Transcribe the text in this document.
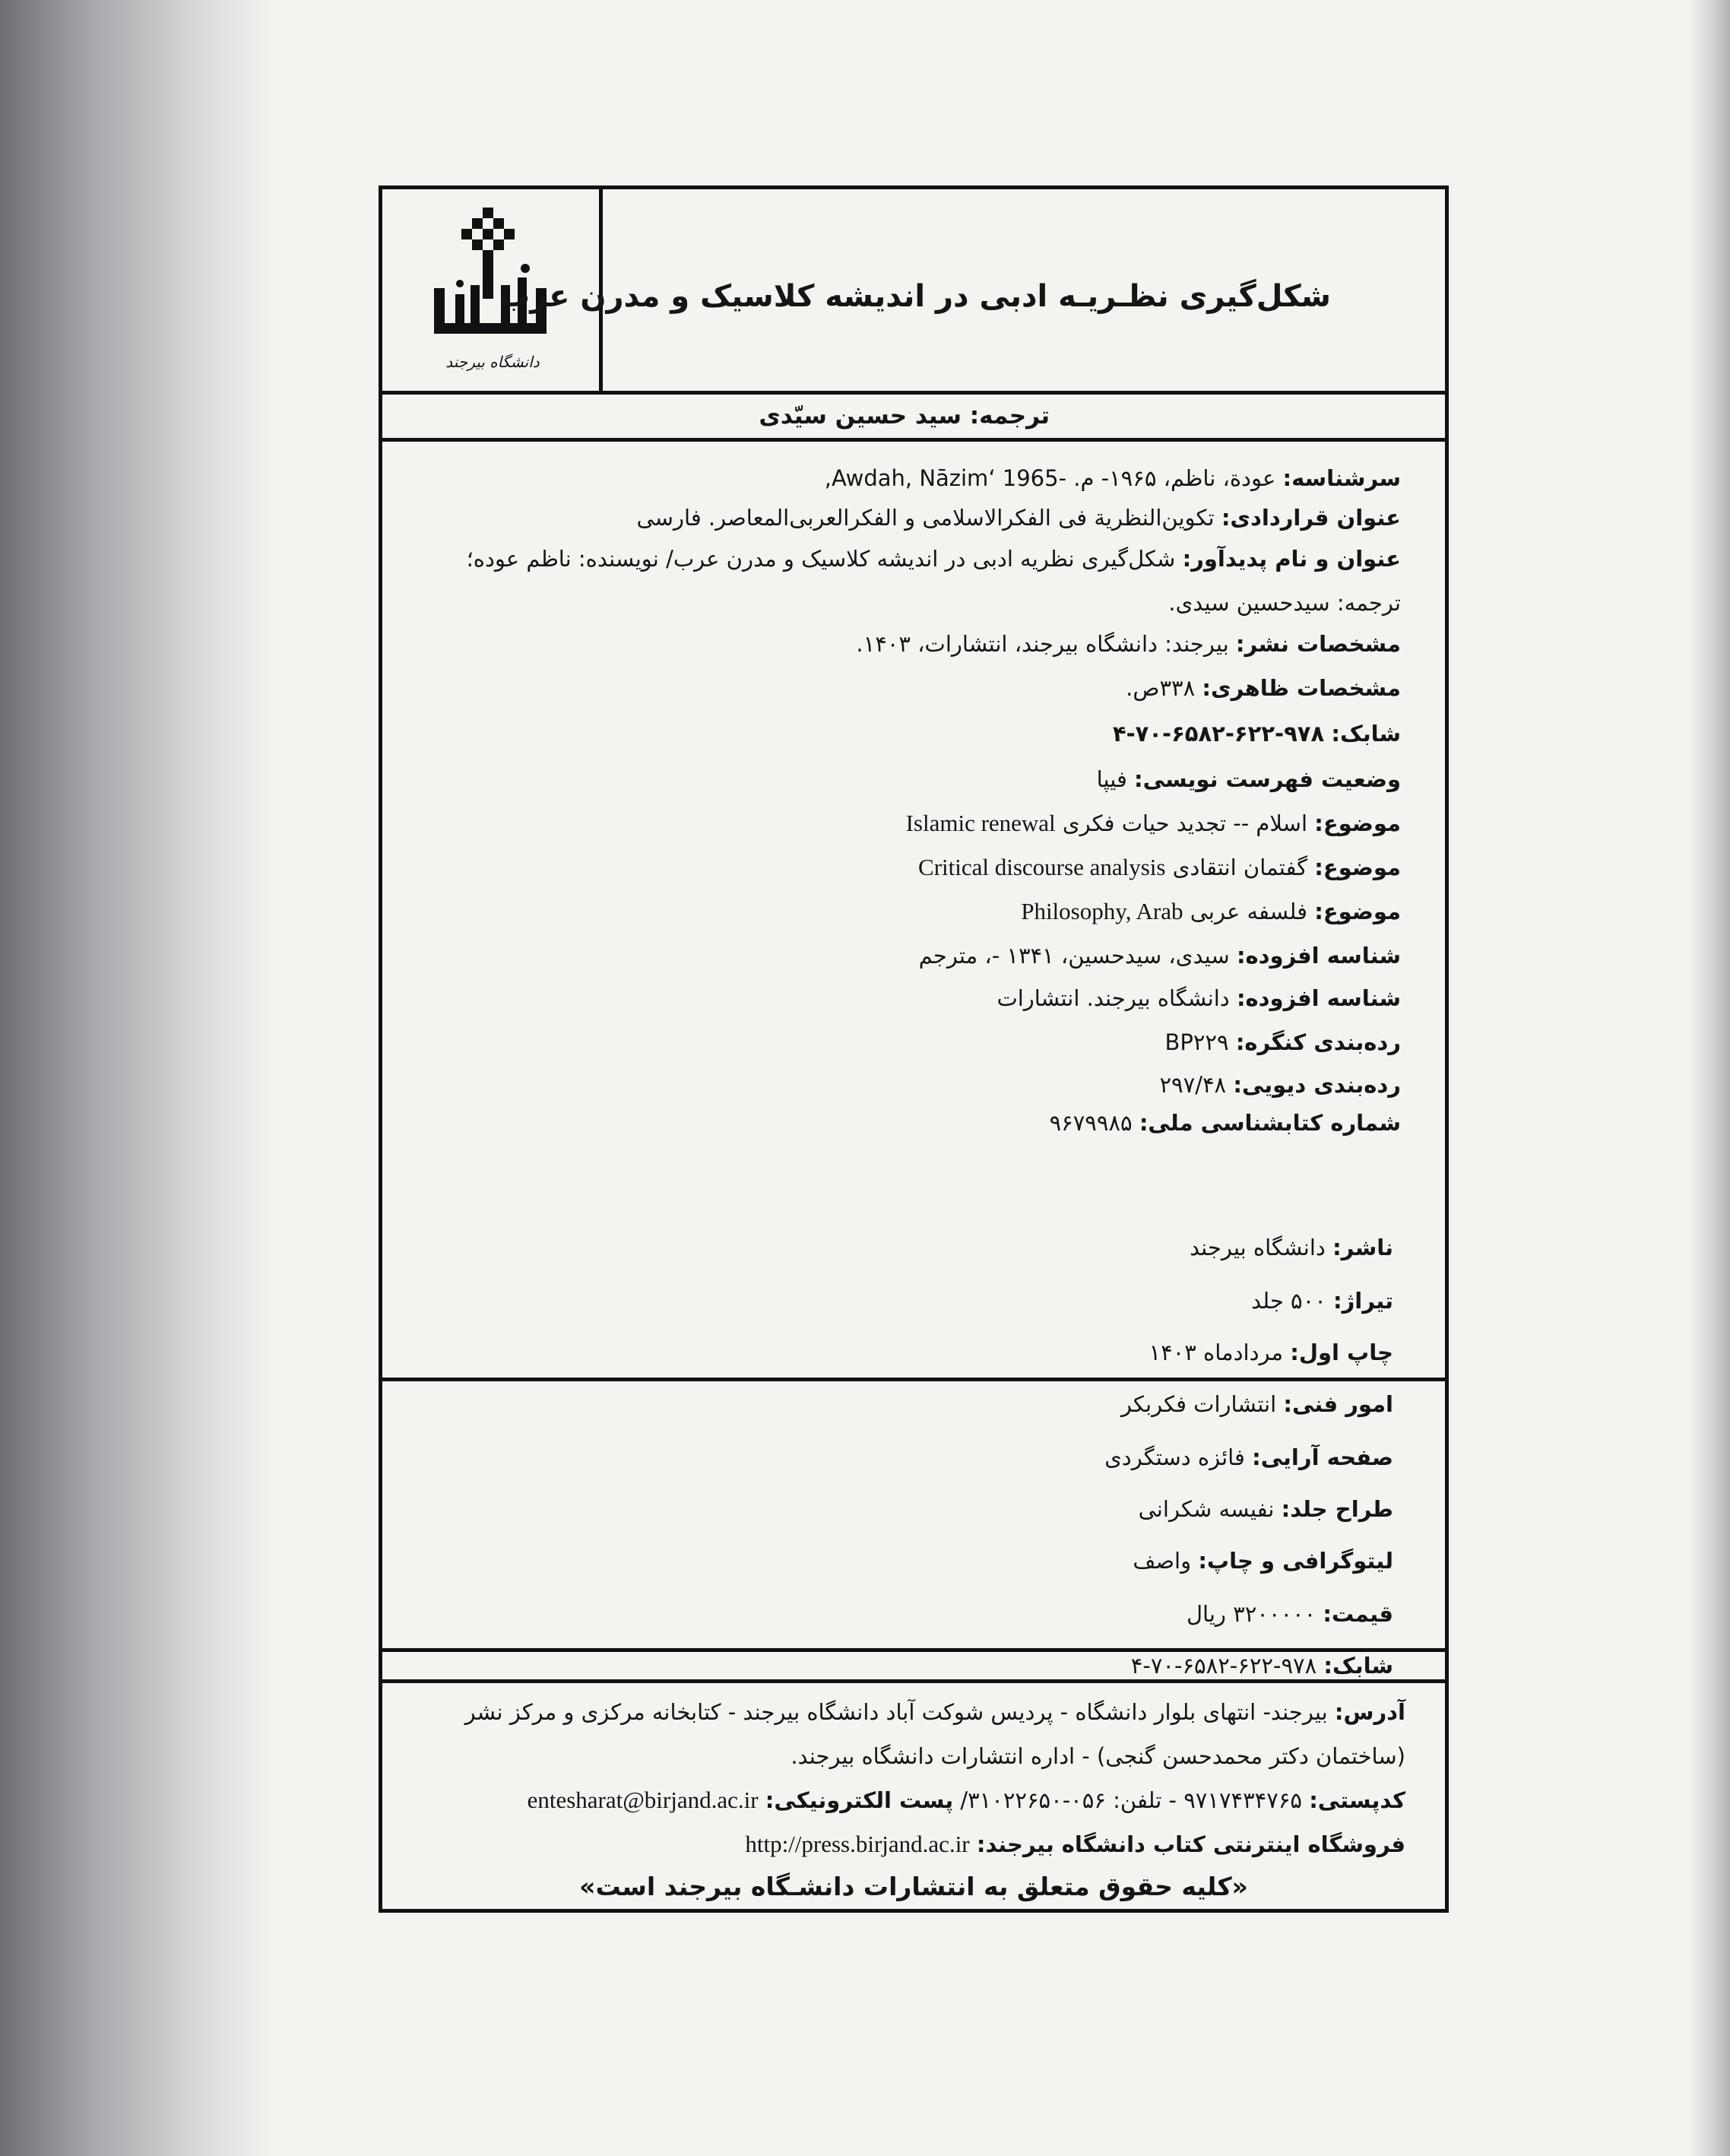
دانشگاه بیرجند
شکل‌گیری نظـریـه ادبی در اندیشه کلاسیک و مدرن عرب
ترجمه: سید حسین سیّدی
سرشناسه: عودة، ناظم، ۱۹۶۵- م. -1965 ‘Awdah, Nāzim,
عنوان قراردادی: تکوین‌النظریة فی الفکرالاسلامی و الفکرالعربی‌المعاصر. فارسی
عنوان و نام پدیدآور: شکل‌گیری نظریه ادبی در اندیشه کلاسیک و مدرن عرب/ نویسنده: ناظم عوده؛
ترجمه: سیدحسین سیدی.
مشخصات نشر: بیرجند: دانشگاه بیرجند، انتشارات، ۱۴۰۳.
مشخصات ظاهری: ۳۳۸ص.
شابک: ۹۷۸-۶۲۲-۶۵۸۲-۷۰-۴
وضعیت فهرست نویسی: فیپا
موضوع: اسلام -- تجدید حیات فکری Islamic renewal
موضوع: گفتمان انتقادی Critical discourse analysis
موضوع: فلسفه عربی Philosophy, Arab
شناسه افزوده: سیدی، سیدحسین، ۱۳۴۱ -، مترجم
شناسه افزوده: دانشگاه بیرجند. انتشارات
رده‌بندی کنگره: BP۲۲۹
رده‌بندی دیویی: ۲۹۷/۴۸
شماره کتابشناسی ملی: ۹۶۷۹۹۸۵
ناشر: دانشگاه بیرجند
تیراژ: ۵۰۰ جلد
چاپ اول: مردادماه ۱۴۰۳
امور فنی: انتشارات فکربکر
صفحه آرایی: فائزه دستگردی
طراح جلد: نفیسه شکرانی
لیتوگرافی و چاپ: واصف
قیمت: ۳۲۰۰۰۰۰ ریال
شابک: ۹۷۸-۶۲۲-۶۵۸۲-۷۰-۴
آدرس: بیرجند- انتهای بلوار دانشگاه - پردیس شوکت آباد دانشگاه بیرجند - کتابخانه مرکزی و مرکز نشر
(ساختمان دکتر محمدحسن گنجی) - اداره انتشارات دانشگاه بیرجند.
کدپستی: ۹۷۱۷۴۳۴۷۶۵ - تلفن: ۰۵۶-۳۱۰۲۲۶۵۰/ پست الکترونیکی: entesharat@birjand.ac.ir
فروشگاه اینترنتی کتاب دانشگاه بیرجند: http://press.birjand.ac.ir
«کلیه حقوق متعلق به انتشارات دانشـگاه بیرجند است»
